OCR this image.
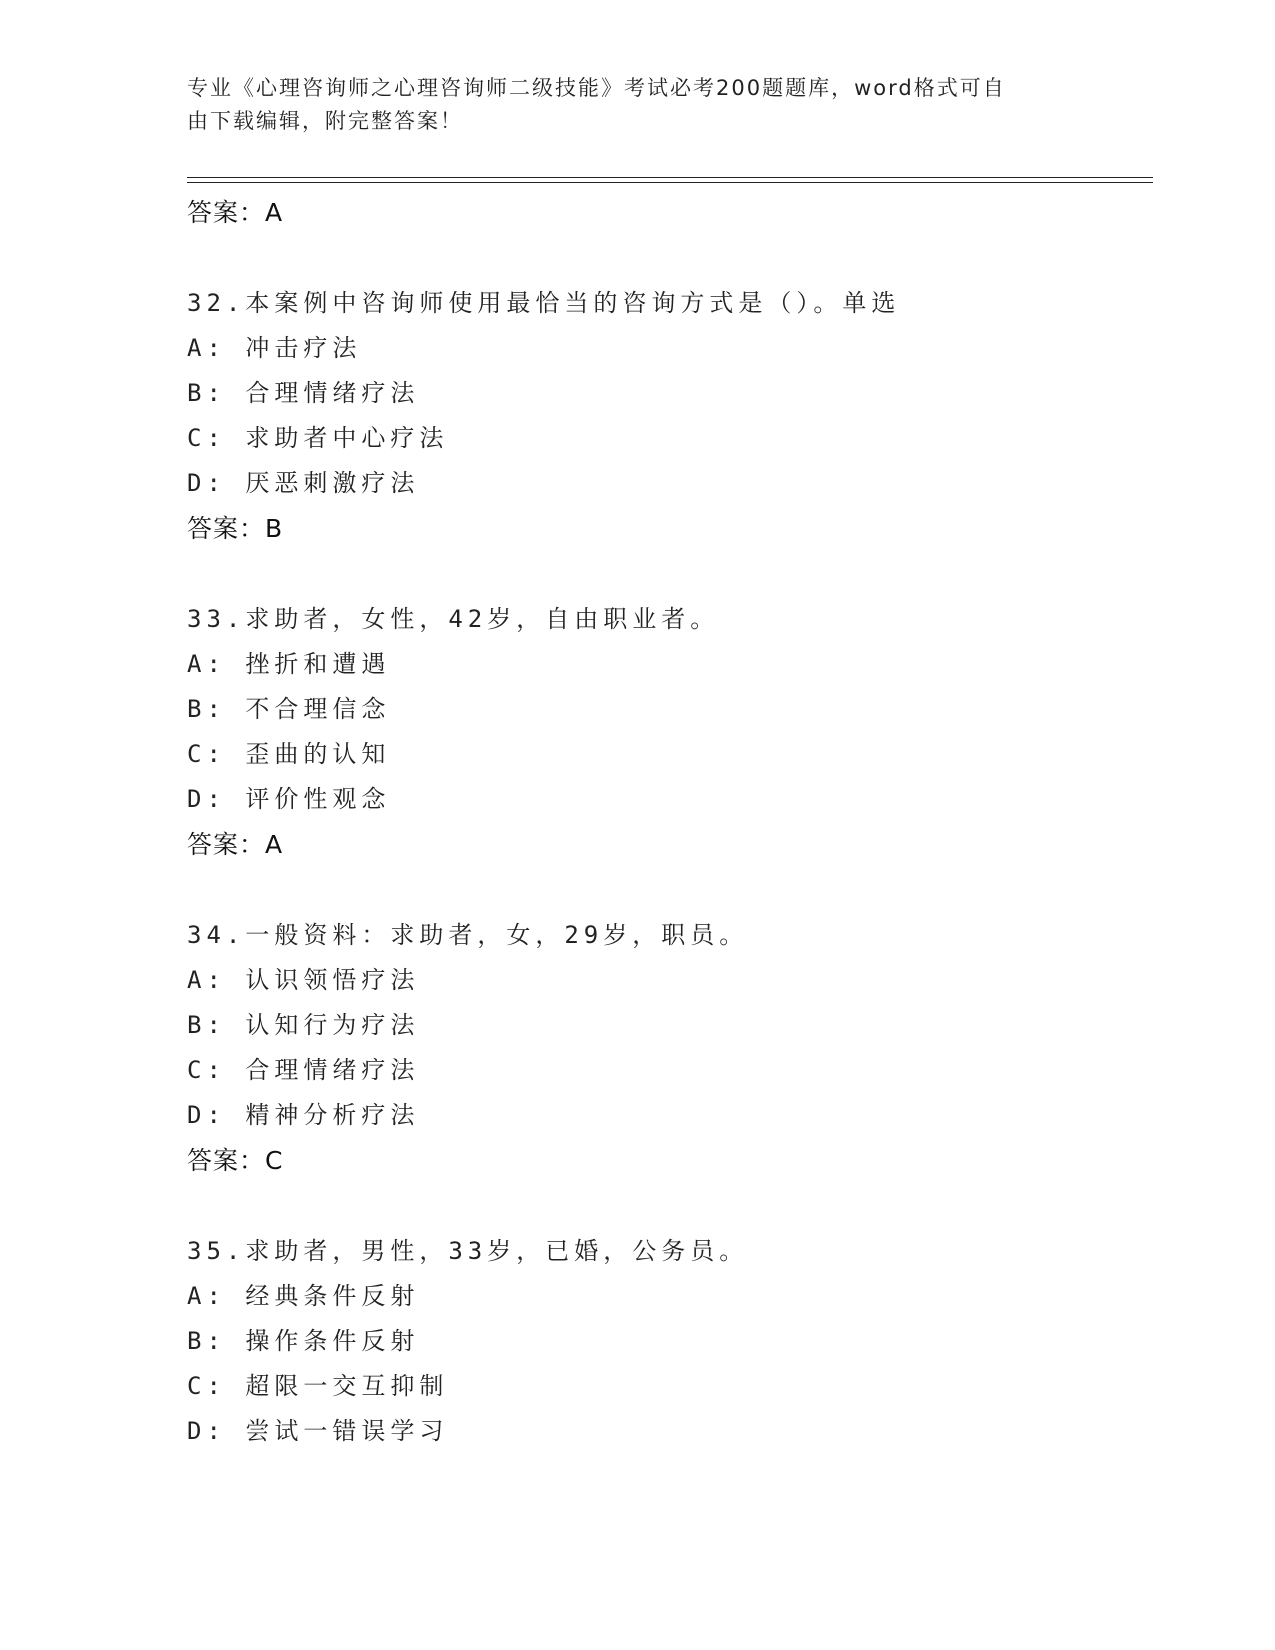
专业《心理咨询师之心理咨询师二级技能》考试必考200题题库，word格式可自
由下载编辑，附完整答案！
答案：A
32.本案例中咨询师使用最恰当的咨询方式是（）。单选
A: 冲击疗法
B: 合理情绪疗法
C: 求助者中心疗法
D: 厌恶刺激疗法
答案：B
33.求助者，女性，42岁，自由职业者。
A: 挫折和遭遇
B: 不合理信念
C: 歪曲的认知
D: 评价性观念
答案：A
34.一般资料：求助者，女，29岁，职员。
A: 认识领悟疗法
B: 认知行为疗法
C: 合理情绪疗法
D: 精神分析疗法
答案：C
35.求助者，男性，33岁，已婚，公务员。
A: 经典条件反射
B: 操作条件反射
C: 超限一交互抑制
D: 尝试一错误学习
